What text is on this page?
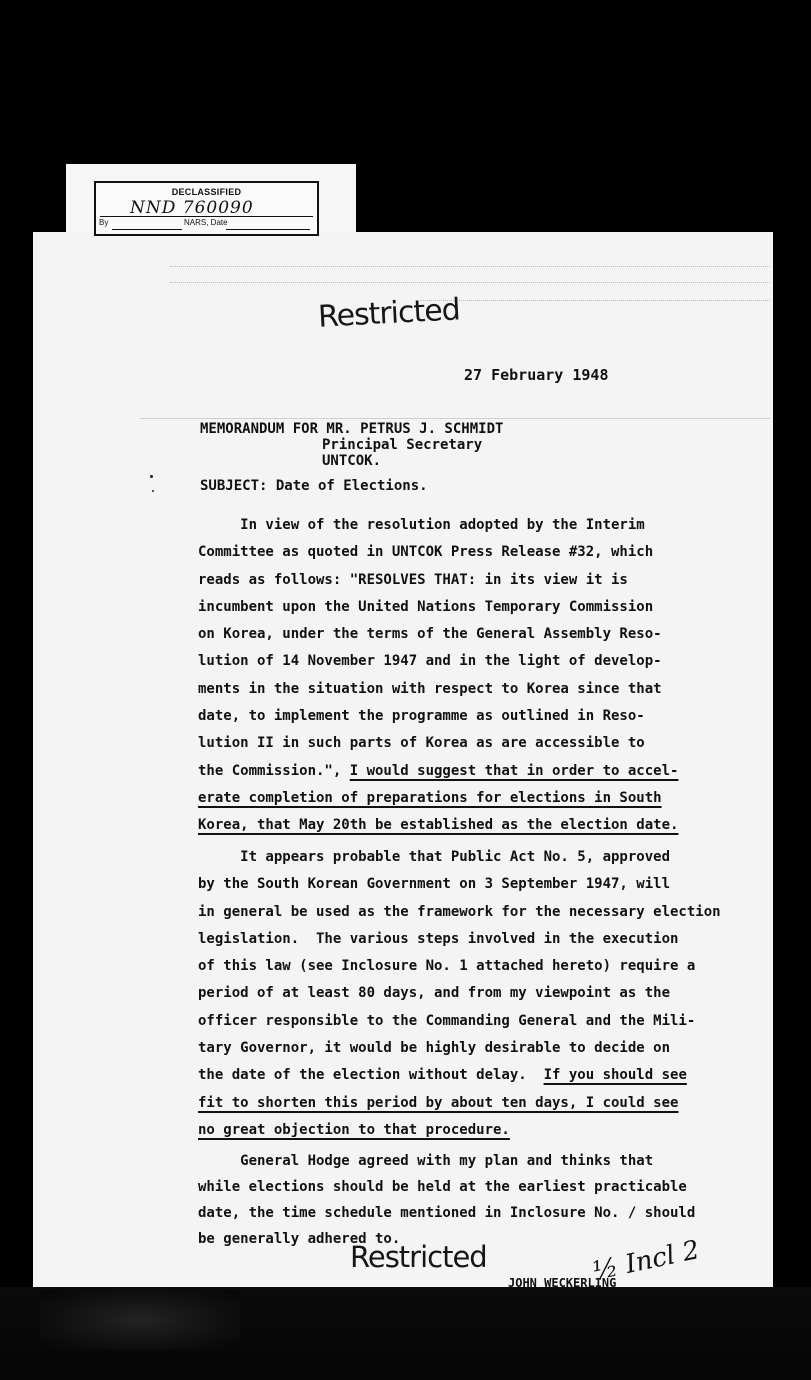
DECLASSIFIED
NND 760090
By	NARS, Date
Restricted
27 February 1948
MEMORANDUM FOR MR. PETRUS J. SCHMIDT
Principal Secretary
UNTCOK.
SUBJECT: Date of Elections.
In view of the resolution adopted by the Interim
Committee as quoted in UNTCOK Press Release #32, which
reads as follows: "RESOLVES THAT: in its view it is
incumbent upon the United Nations Temporary Commission
on Korea, under the terms of the General Assembly Reso-
lution of 14 November 1947 and in the light of develop-
ments in the situation with respect to Korea since that
date, to implement the programme as outlined in Reso-
lution II in such parts of Korea as are accessible to
the Commission.", I would suggest that in order to accel-
erate completion of preparations for elections in South
Korea, that May 20th be established as the election date.
It appears probable that Public Act No. 5, approved
by the South Korean Government on 3 September 1947, will
in general be used as the framework for the necessary election
legislation.  The various steps involved in the execution
of this law (see Inclosure No. 1 attached hereto) require a
period of at least 80 days, and from my viewpoint as the
officer responsible to the Commanding General and the Mili-
tary Governor, it would be highly desirable to decide on
the date of the election without delay.  If you should see
fit to shorten this period by about ten days, I could see
no great objection to that procedure.
General Hodge agreed with my plan and thinks that
while elections should be held at the earliest practicable
date, the time schedule mentioned in Inclosure No. / should
be generally adhered to.
Restricted	½ Incl 2
JOHN WECKERLING
